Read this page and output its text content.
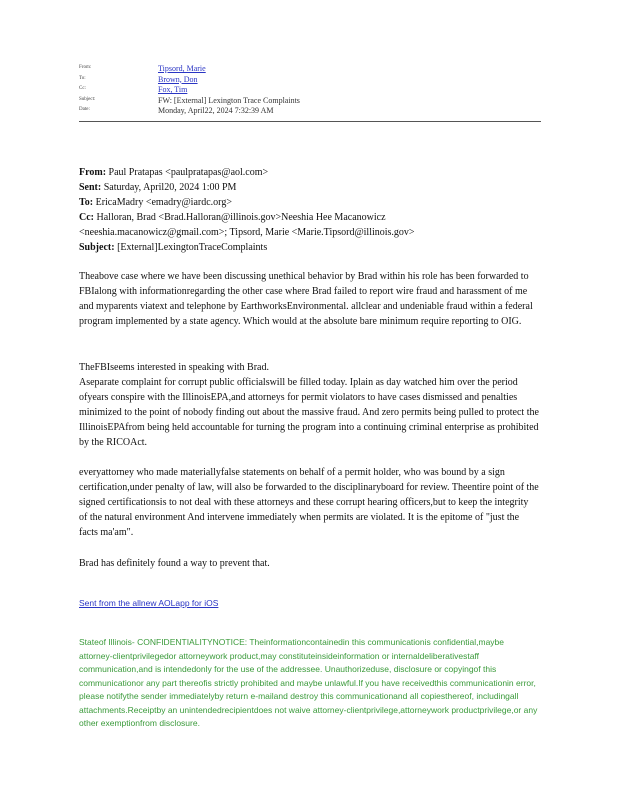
From:	Tipsord, Marie
To:	Brown, Don
Cc:	Fox, Tim
Subject:	FW: [External] Lexington Trace Complaints
Date:	Monday, April22, 2024 7:32:39 AM
From: Paul Pratapas <paulpratapas@aol.com>
Sent: Saturday, April20, 2024 1:00 PM
To: EricaMadry <emadry@iardc.org>
Cc: Halloran, Brad <Brad.Halloran@illinois.gov>Neeshia Hee Macanowicz
<neeshia.macanowicz@gmail.com>; Tipsord, Marie <Marie.Tipsord@illinois.gov>
Subject: [External]LexingtonTraceComplaints

Theabove case where we have been discussing unethical behavior by Brad within his role has been forwarded to FBIalong with informationregarding the other case where Brad failed to report wire fraud and harassment of me and myparents viatext and telephone by EarthworksEnvironmental. allclear and undeniable fraud within a federal program implemented by a state agency. Which would at the absolute bare minimum require reporting to OIG.

TheFBIseems interested in speaking with Brad.
Aseparate complaint for corrupt public officialswill be filled today. Iplain as day watched him over the period ofyears conspire with the IllinoisEPA,and attorneys for permit violators to have cases dismissed and penalties minimized to the point of nobody finding out about the massive fraud. And zero permits being pulled to protect the IllinoisEPAfrom being held accountable for turning the program into a continuing criminal enterprise as prohibited by the RICOAct.

everyattorney who made materiallyfalse statements on behalf of a permit holder, who was bound by a sign certification,under penalty of law, will also be forwarded to the disciplinaryboard for review. Theentire point of the signed certificationsis to not deal with these attorneys and these corrupt hearing officers,but to keep the integrity of the natural environment And intervene immediately when permits are violated. It is the epitome of "just the facts ma'am".

Brad has definitely found a way to prevent that.

Sent from the allnew AOLapp for iOS

Stateof Illinois- CONFIDENTIALITYNOTICE: Theinformationcontainedin this communicationis confidential,maybe attorney-clientprivilegedor attorneywork product,may constituteinsideinformation or internaldeliberativestaff communication,and is intendedonly for the use of the addressee. Unauthorizeduse, disclosure or copyingof this communicationor any part thereofis strictly prohibited and maybe unlawful.If you have receivedthis communicationin error, please notifythe sender immediatelyby return e-mailand destroy this communicationand all copiesthereof, includingall attachments.Receiptby an unintendedrecipientdoes not waive attorney-clientprivilege,attorneywork productprivilege,or any other exemptionfrom disclosure.
